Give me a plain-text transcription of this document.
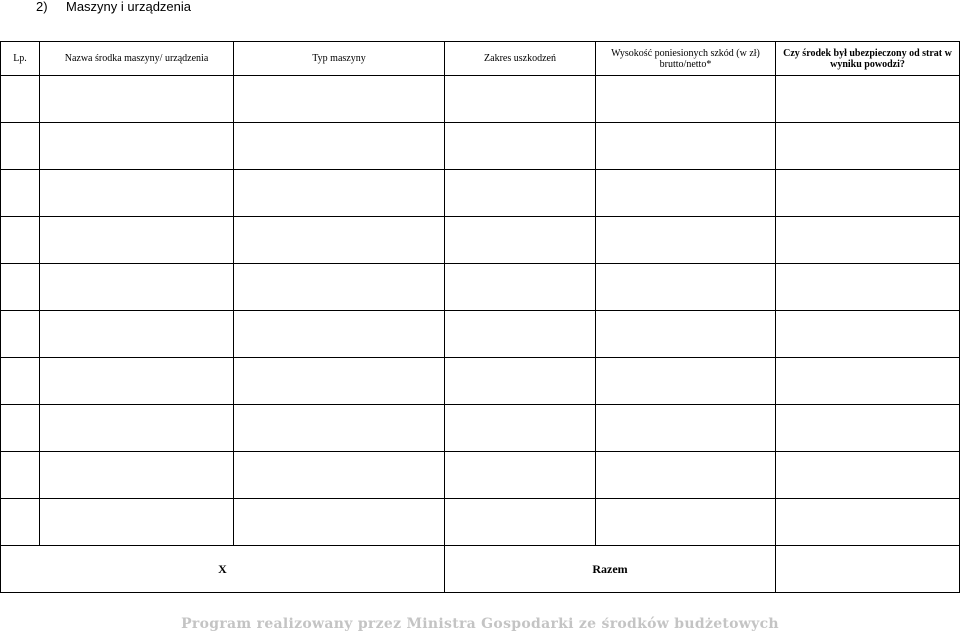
2) Maszyny i urządzenia
Lp.	Nazwa środka maszyny/ urządzenia	Typ maszyny	Zakres uszkodzeń	Wysokość poniesionych szkód (w zł) brutto/netto*	Czy środek był ubezpieczony od strat w wyniku powodzi?

X			Razem		
Program realizowany przez Ministra Gospodarki ze środków budżetowych
